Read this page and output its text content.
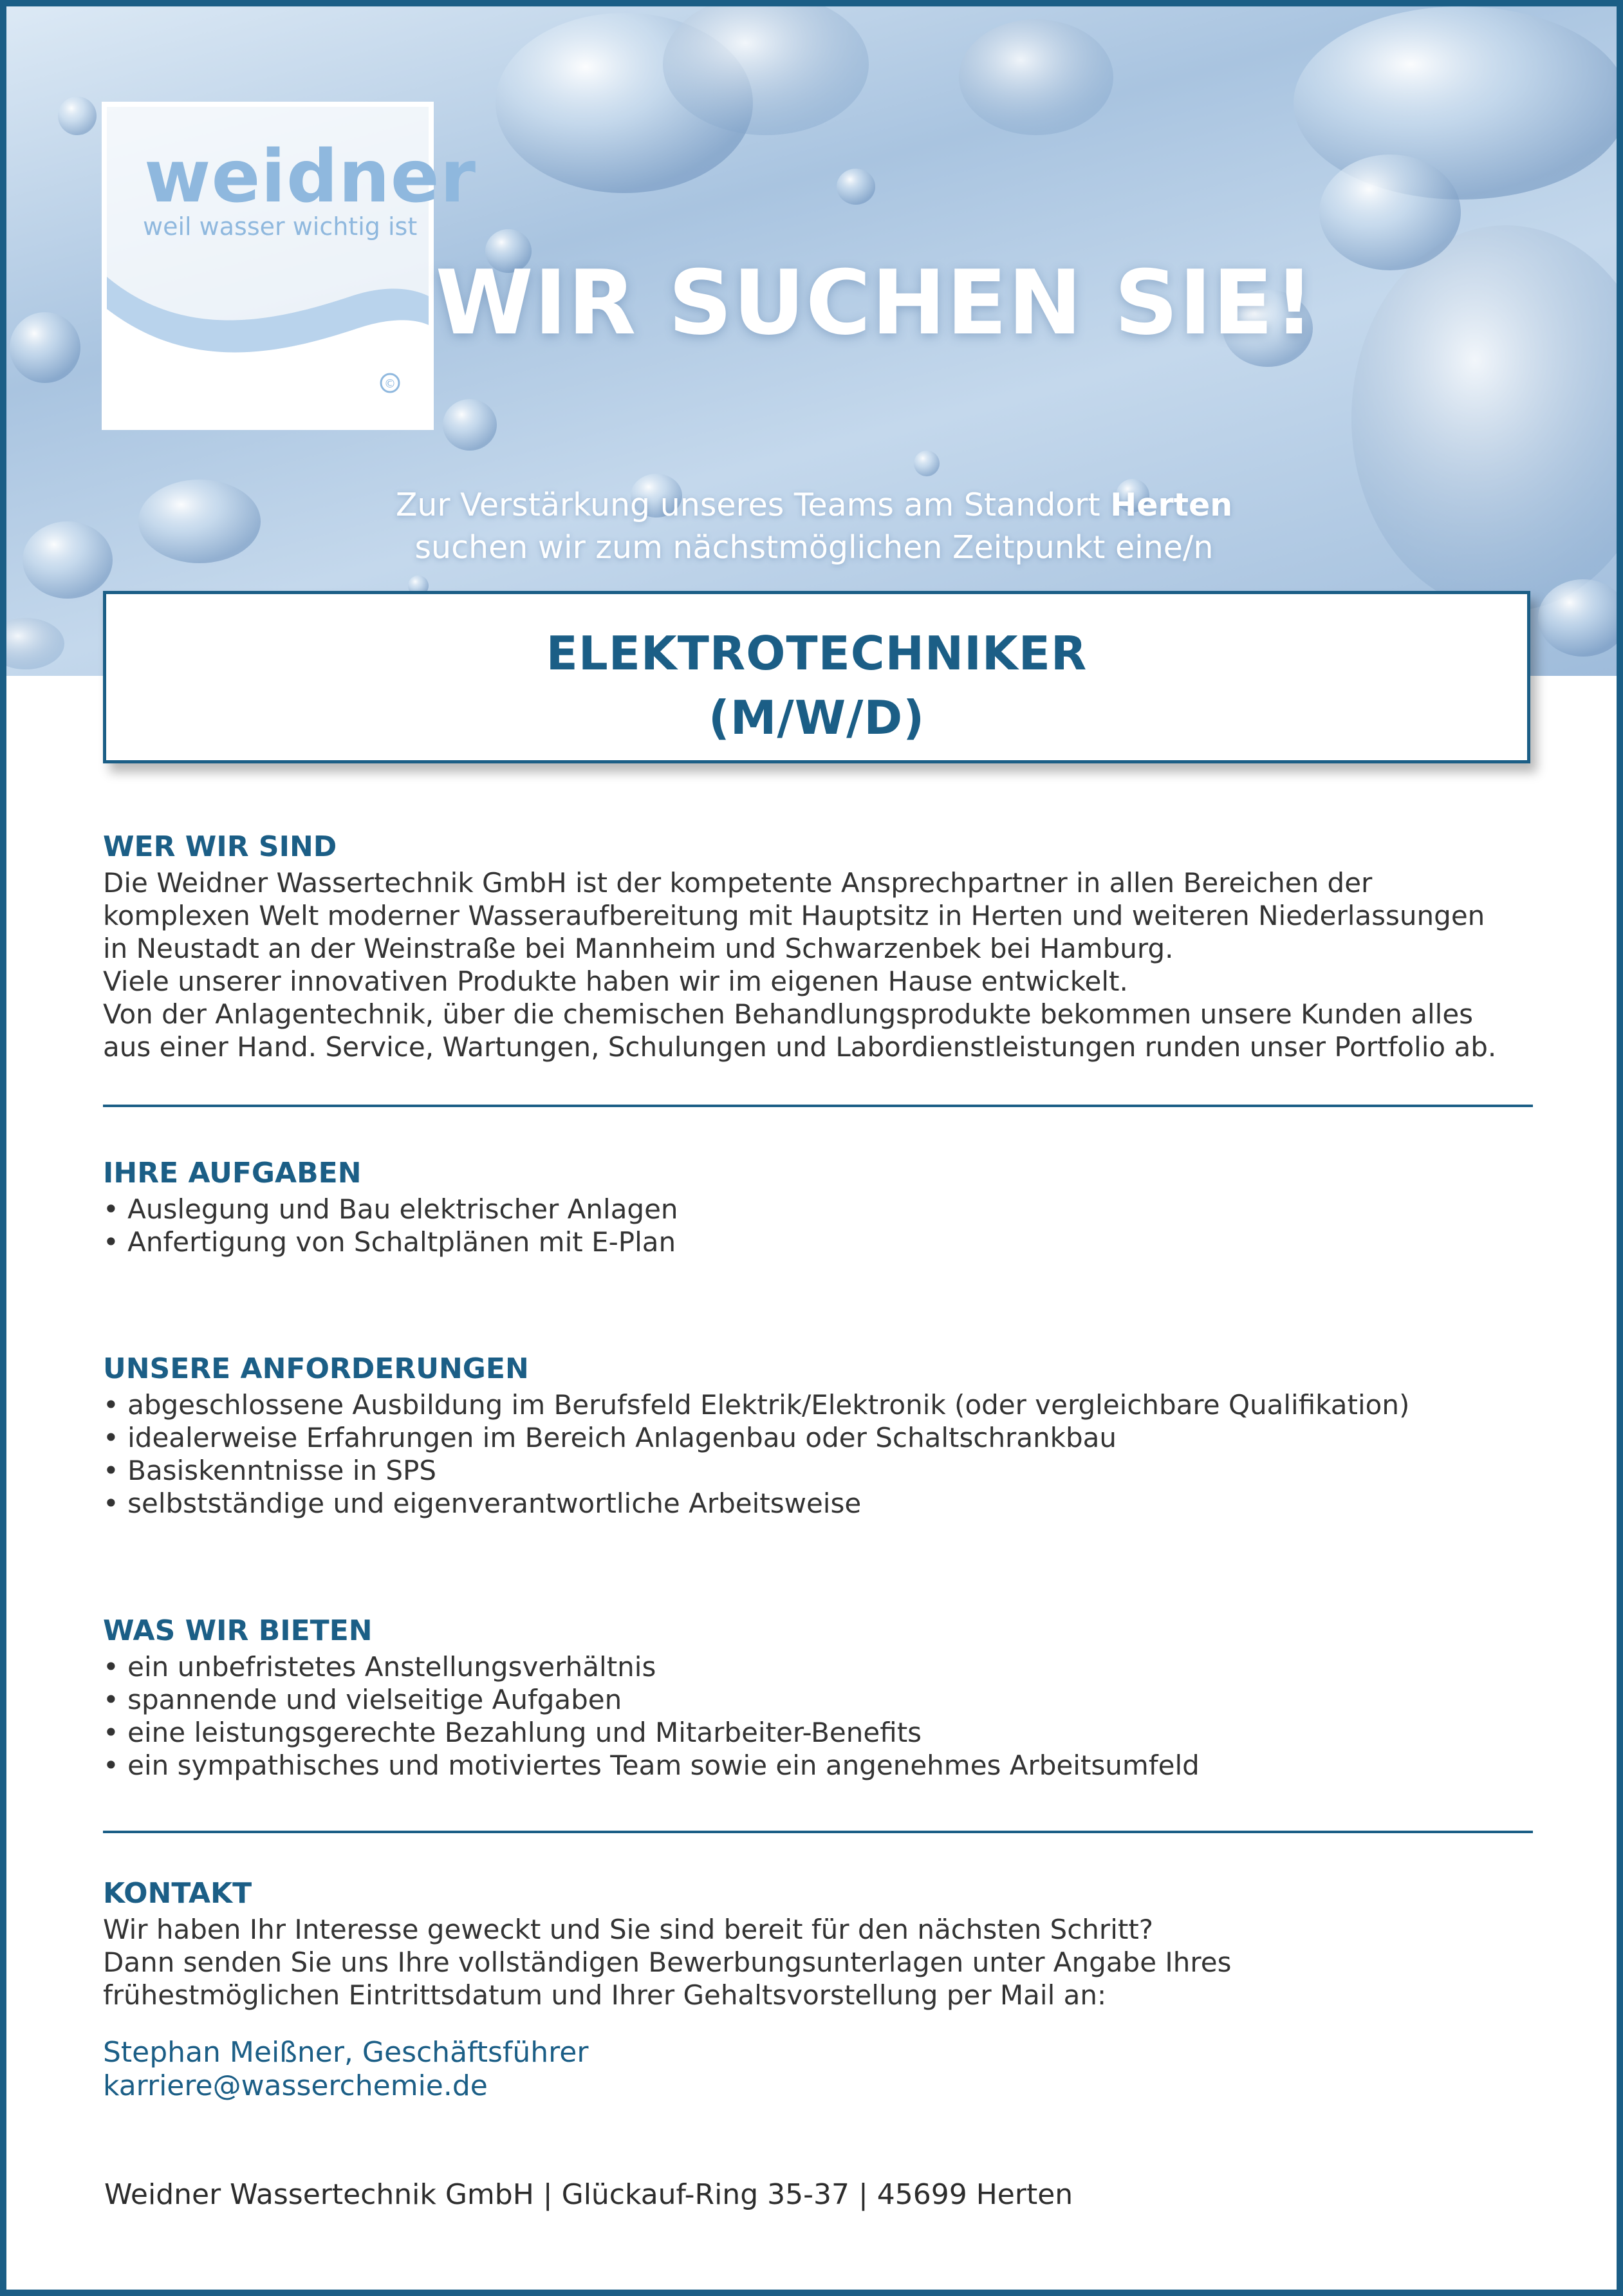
weidner
weil wasser wichtig ist
©
WIR SUCHEN SIE!
Zur Verstärkung unseres Teams am Standort Herten
suchen wir zum nächstmöglichen Zeitpunkt eine/n
ELEKTROTECHNIKER
(M/W/D)

WER WIR SIND

Die Weidner Wassertechnik GmbH ist der kompetente Ansprechpartner in allen Bereichen der

komplexen Welt moderner Wasseraufbereitung mit Hauptsitz in Herten und weiteren Niederlassungen

in Neustadt an der Weinstraße bei Mannheim und Schwarzenbek bei Hamburg.

Viele unserer innovativen Produkte haben wir im eigenen Hause entwickelt.

Von der Anlagentechnik, über die chemischen Behandlungsprodukte bekommen unsere Kunden alles

aus einer Hand. Service, Wartungen, Schulungen und Labordienstleistungen runden unser Portfolio ab.

IHRE AUFGABEN

• Auslegung und Bau elektrischer Anlagen

• Anfertigung von Schaltplänen mit E-Plan

UNSERE ANFORDERUNGEN

• abgeschlossene Ausbildung im Berufsfeld Elektrik/Elektronik (oder vergleichbare Qualifikation)

• idealerweise Erfahrungen im Bereich Anlagenbau oder Schaltschrankbau

• Basiskenntnisse in SPS

• selbstständige und eigenverantwortliche Arbeitsweise

WAS WIR BIETEN

• ein unbefristetes Anstellungsverhältnis

• spannende und vielseitige Aufgaben

• eine leistungsgerechte Bezahlung und Mitarbeiter-Benefits

• ein sympathisches und motiviertes Team sowie ein angenehmes Arbeitsumfeld

KONTAKT

Wir haben Ihr Interesse geweckt und Sie sind bereit für den nächsten Schritt?

Dann senden Sie uns Ihre vollständigen Bewerbungsunterlagen unter Angabe Ihres

frühestmöglichen Eintrittsdatum und Ihrer Gehaltsvorstellung per Mail an:

Stephan Meißner, Geschäftsführer

karriere@wasserchemie.de

Weidner Wassertechnik GmbH | Glückauf-Ring 35-37 | 45699 Herten
